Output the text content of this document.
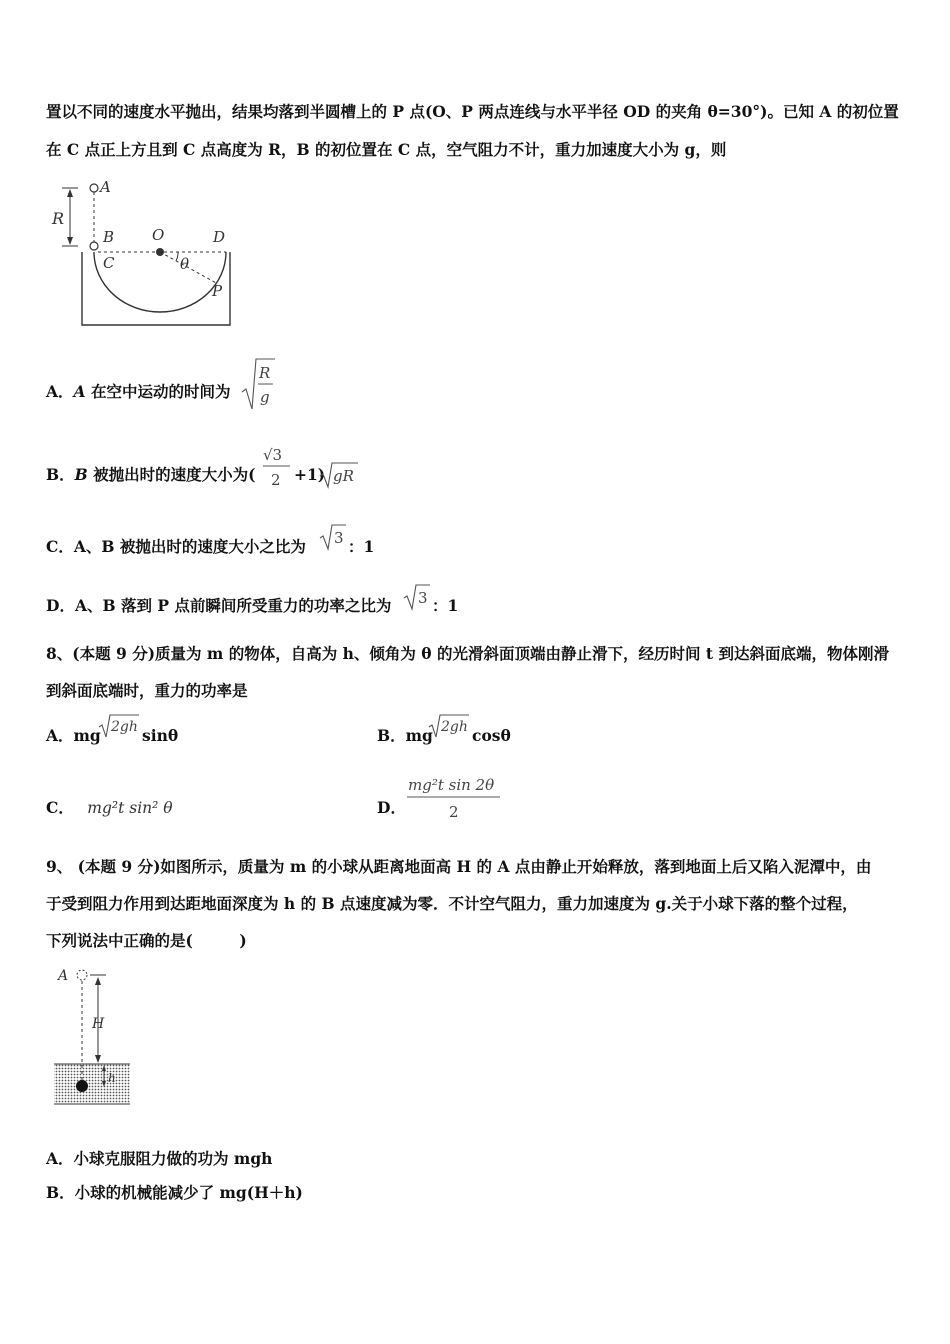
置以不同的速度水平抛出，结果均落到半圆槽上的 P 点(O、P 两点连线与水平半径 OD 的夹角 θ=30°)。已知 A 的初位置
在 C 点正上方且到 C 点高度为 R，B 的初位置在 C 点，空气阻力不计，重力加速度大小为 g，则
A
R
B	O	D
C	θ
P
A．A 在空中运动的时间为
R
g
B．B 被抛出时的速度大小为(
√3
2 +1) gR
C．A、B 被抛出时的速度大小之比为 3 ：1
D．A、B 落到 P 点前瞬间所受重力的功率之比为 3 ：1
8、(本题 9 分)质量为 m 的物体，自高为 h、倾角为 θ 的光滑斜面顶端由静止滑下，经历时间 t 到达斜面底端，物体刚滑
到斜面底端时，重力的功率是
A．mg 2gh sinθ	B．mg 2gh cosθ
C． mg²t sin² θ	D．
mg²t sin 2θ
2
9、 (本题 9 分)如图所示，质量为 m 的小球从距离地面高 H 的 A 点由静止开始释放，落到地面上后又陷入泥潭中，由
于受到阻力作用到达距地面深度为 h 的 B 点速度减为零．不计空气阻力，重力加速度为 g.关于小球下落的整个过程，
下列说法中正确的是(　　　)
A
H
h
A．小球克服阻力做的功为 mgh
B．小球的机械能减少了 mg(H＋h)
